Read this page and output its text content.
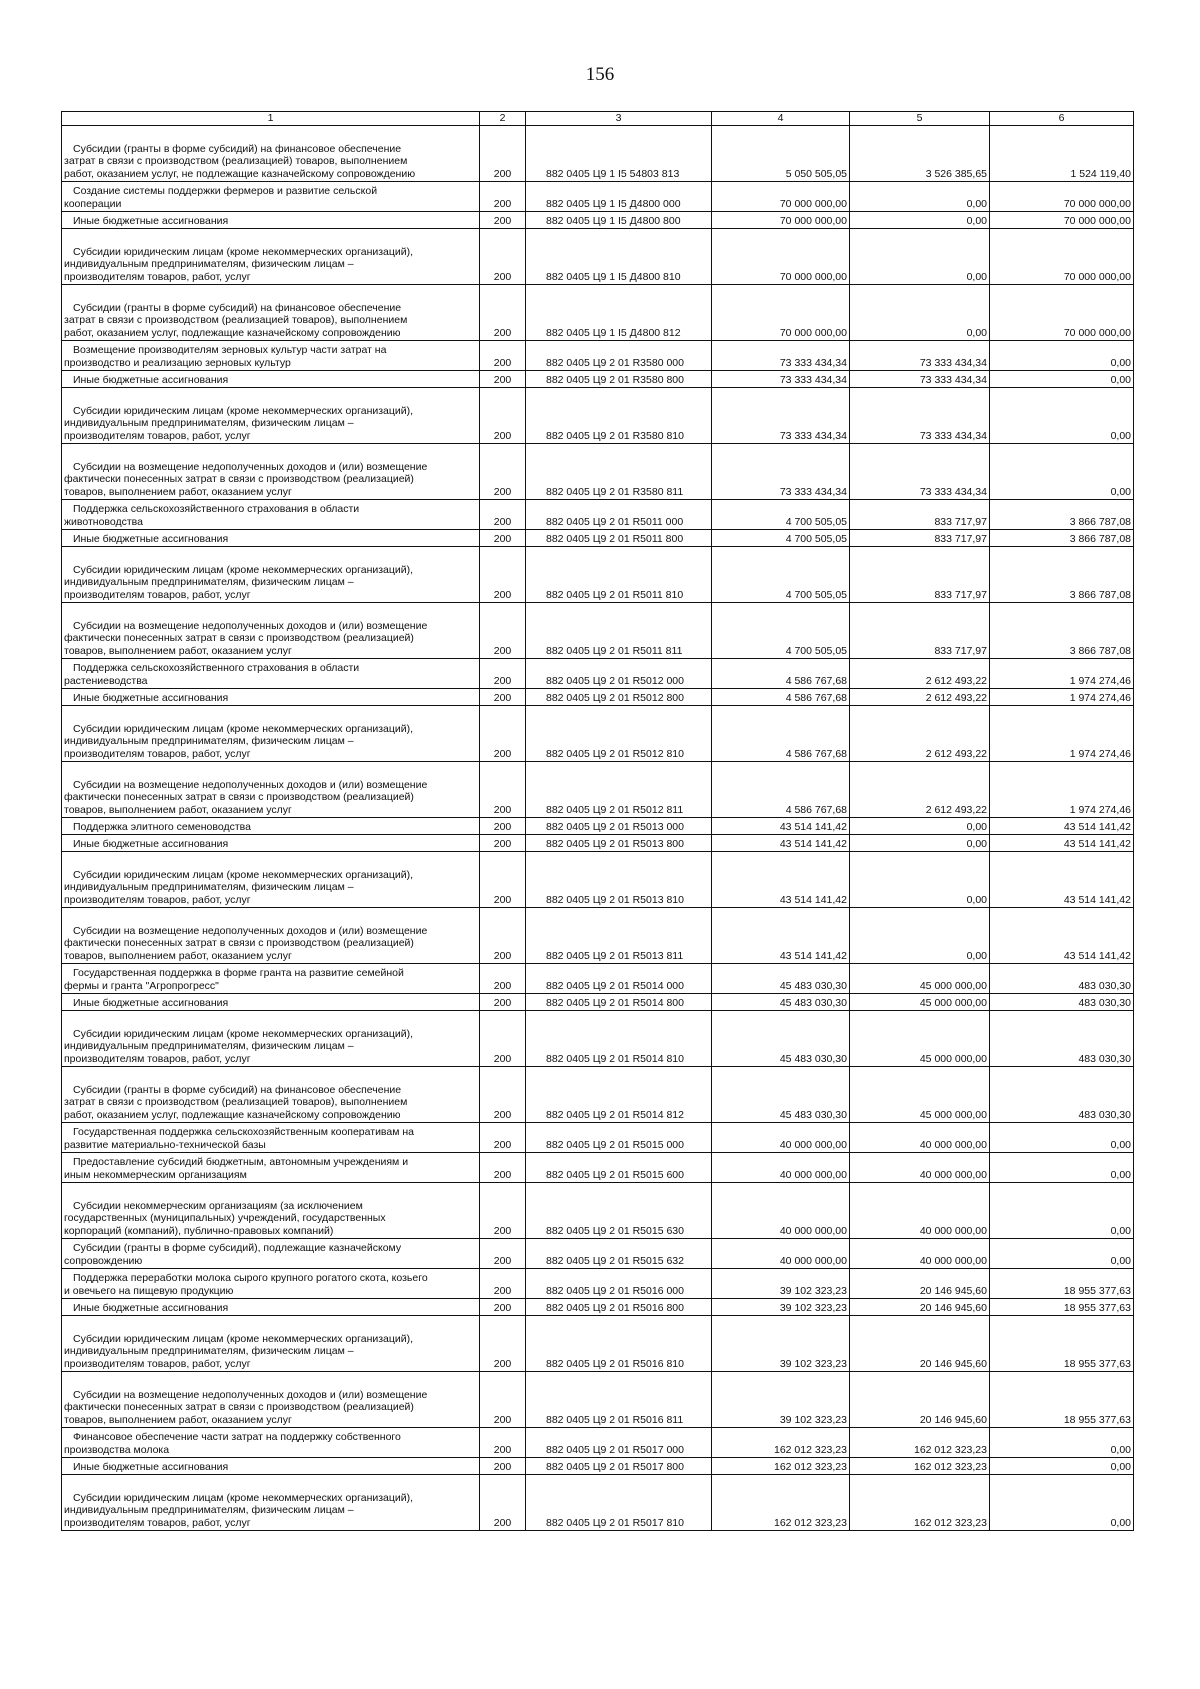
156
1	2	3	4	5	6

Субсидии (гранты в форме субсидий) на финансовое обеспечение
затрат в связи с производством (реализацией) товаров, выполнением
работ, оказанием услуг, не подлежащие казначейскому сопровождению	200	882 0405 Ц9 1 I5 54803 813	5 050 505,05	3 526 385,65	1 524 119,40

Создание системы поддержки фермеров и развитие сельской
кооперации	200	882 0405 Ц9 1 I5 Д4800 000	70 000 000,00	0,00	70 000 000,00

Иные бюджетные ассигнования	200	882 0405 Ц9 1 I5 Д4800 800	70 000 000,00	0,00	70 000 000,00

Субсидии юридическим лицам (кроме некоммерческих организаций),
индивидуальным предпринимателям, физическим лицам –
производителям товаров, работ, услуг	200	882 0405 Ц9 1 I5 Д4800 810	70 000 000,00	0,00	70 000 000,00

Субсидии (гранты в форме субсидий) на финансовое обеспечение
затрат в связи с производством (реализацией товаров), выполнением
работ, оказанием услуг, подлежащие казначейскому сопровождению	200	882 0405 Ц9 1 I5 Д4800 812	70 000 000,00	0,00	70 000 000,00

Возмещение производителям зерновых культур части затрат на
производство и реализацию зерновых культур	200	882 0405 Ц9 2 01 R3580 000	73 333 434,34	73 333 434,34	0,00

Иные бюджетные ассигнования	200	882 0405 Ц9 2 01 R3580 800	73 333 434,34	73 333 434,34	0,00

Субсидии юридическим лицам (кроме некоммерческих организаций),
индивидуальным предпринимателям, физическим лицам –
производителям товаров, работ, услуг	200	882 0405 Ц9 2 01 R3580 810	73 333 434,34	73 333 434,34	0,00

Субсидии на возмещение недополученных доходов и (или) возмещение
фактически понесенных затрат в связи с производством (реализацией)
товаров, выполнением работ, оказанием услуг	200	882 0405 Ц9 2 01 R3580 811	73 333 434,34	73 333 434,34	0,00

Поддержка сельскохозяйственного страхования в области
животноводства	200	882 0405 Ц9 2 01 R5011 000	4 700 505,05	833 717,97	3 866 787,08

Иные бюджетные ассигнования	200	882 0405 Ц9 2 01 R5011 800	4 700 505,05	833 717,97	3 866 787,08

Субсидии юридическим лицам (кроме некоммерческих организаций),
индивидуальным предпринимателям, физическим лицам –
производителям товаров, работ, услуг	200	882 0405 Ц9 2 01 R5011 810	4 700 505,05	833 717,97	3 866 787,08

Субсидии на возмещение недополученных доходов и (или) возмещение
фактически понесенных затрат в связи с производством (реализацией)
товаров, выполнением работ, оказанием услуг	200	882 0405 Ц9 2 01 R5011 811	4 700 505,05	833 717,97	3 866 787,08

Поддержка сельскохозяйственного страхования в области
растениеводства	200	882 0405 Ц9 2 01 R5012 000	4 586 767,68	2 612 493,22	1 974 274,46

Иные бюджетные ассигнования	200	882 0405 Ц9 2 01 R5012 800	4 586 767,68	2 612 493,22	1 974 274,46

Субсидии юридическим лицам (кроме некоммерческих организаций),
индивидуальным предпринимателям, физическим лицам –
производителям товаров, работ, услуг	200	882 0405 Ц9 2 01 R5012 810	4 586 767,68	2 612 493,22	1 974 274,46

Субсидии на возмещение недополученных доходов и (или) возмещение
фактически понесенных затрат в связи с производством (реализацией)
товаров, выполнением работ, оказанием услуг	200	882 0405 Ц9 2 01 R5012 811	4 586 767,68	2 612 493,22	1 974 274,46

Поддержка элитного семеноводства	200	882 0405 Ц9 2 01 R5013 000	43 514 141,42	0,00	43 514 141,42

Иные бюджетные ассигнования	200	882 0405 Ц9 2 01 R5013 800	43 514 141,42	0,00	43 514 141,42

Субсидии юридическим лицам (кроме некоммерческих организаций),
индивидуальным предпринимателям, физическим лицам –
производителям товаров, работ, услуг	200	882 0405 Ц9 2 01 R5013 810	43 514 141,42	0,00	43 514 141,42

Субсидии на возмещение недополученных доходов и (или) возмещение
фактически понесенных затрат в связи с производством (реализацией)
товаров, выполнением работ, оказанием услуг	200	882 0405 Ц9 2 01 R5013 811	43 514 141,42	0,00	43 514 141,42

Государственная поддержка в форме гранта на развитие семейной
фермы и гранта "Агропрогресс"	200	882 0405 Ц9 2 01 R5014 000	45 483 030,30	45 000 000,00	483 030,30

Иные бюджетные ассигнования	200	882 0405 Ц9 2 01 R5014 800	45 483 030,30	45 000 000,00	483 030,30

Субсидии юридическим лицам (кроме некоммерческих организаций),
индивидуальным предпринимателям, физическим лицам –
производителям товаров, работ, услуг	200	882 0405 Ц9 2 01 R5014 810	45 483 030,30	45 000 000,00	483 030,30

Субсидии (гранты в форме субсидий) на финансовое обеспечение
затрат в связи с производством (реализацией товаров), выполнением
работ, оказанием услуг, подлежащие казначейскому сопровождению	200	882 0405 Ц9 2 01 R5014 812	45 483 030,30	45 000 000,00	483 030,30

Государственная поддержка сельскохозяйственным кооперативам на
развитие материально-технической базы	200	882 0405 Ц9 2 01 R5015 000	40 000 000,00	40 000 000,00	0,00

Предоставление субсидий бюджетным, автономным учреждениям и
иным некоммерческим организациям	200	882 0405 Ц9 2 01 R5015 600	40 000 000,00	40 000 000,00	0,00

Субсидии некоммерческим организациям (за исключением
государственных (муниципальных) учреждений, государственных
корпораций (компаний), публично-правовых компаний)	200	882 0405 Ц9 2 01 R5015 630	40 000 000,00	40 000 000,00	0,00

Субсидии (гранты в форме субсидий), подлежащие казначейскому
сопровождению	200	882 0405 Ц9 2 01 R5015 632	40 000 000,00	40 000 000,00	0,00

Поддержка переработки молока сырого крупного рогатого скота, козьего
и овечьего на пищевую продукцию	200	882 0405 Ц9 2 01 R5016 000	39 102 323,23	20 146 945,60	18 955 377,63

Иные бюджетные ассигнования	200	882 0405 Ц9 2 01 R5016 800	39 102 323,23	20 146 945,60	18 955 377,63

Субсидии юридическим лицам (кроме некоммерческих организаций),
индивидуальным предпринимателям, физическим лицам –
производителям товаров, работ, услуг	200	882 0405 Ц9 2 01 R5016 810	39 102 323,23	20 146 945,60	18 955 377,63

Субсидии на возмещение недополученных доходов и (или) возмещение
фактически понесенных затрат в связи с производством (реализацией)
товаров, выполнением работ, оказанием услуг	200	882 0405 Ц9 2 01 R5016 811	39 102 323,23	20 146 945,60	18 955 377,63

Финансовое обеспечение части затрат на поддержку собственного
производства молока	200	882 0405 Ц9 2 01 R5017 000	162 012 323,23	162 012 323,23	0,00

Иные бюджетные ассигнования	200	882 0405 Ц9 2 01 R5017 800	162 012 323,23	162 012 323,23	0,00

Субсидии юридическим лицам (кроме некоммерческих организаций),
индивидуальным предпринимателям, физическим лицам –
производителям товаров, работ, услуг	200	882 0405 Ц9 2 01 R5017 810	162 012 323,23	162 012 323,23	0,00
